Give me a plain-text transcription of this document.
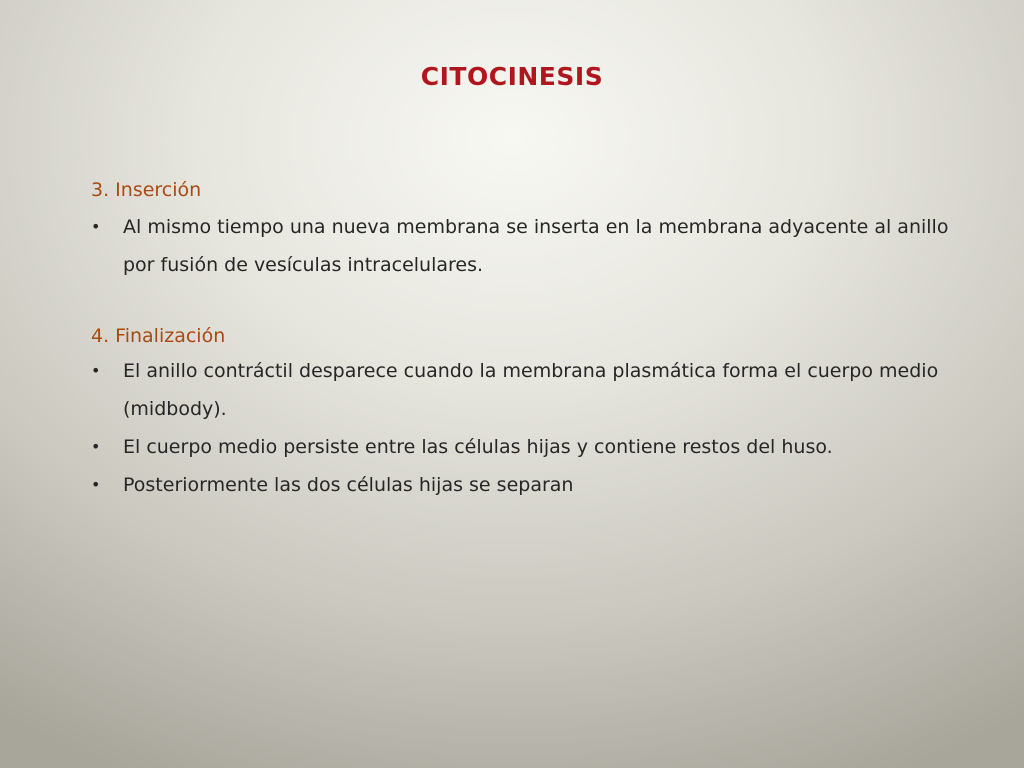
CITOCINESIS

3. Inserción

•	Al mismo tiempo una nueva membrana se inserta en la membrana adyacente al anillo por fusión de vesículas intracelulares.

4. Finalización

•	El anillo contráctil desparece cuando la membrana plasmática forma el cuerpo medio (midbody).
•	El cuerpo medio persiste entre las células hijas y contiene restos del huso.
•	Posteriormente las dos células hijas se separan
